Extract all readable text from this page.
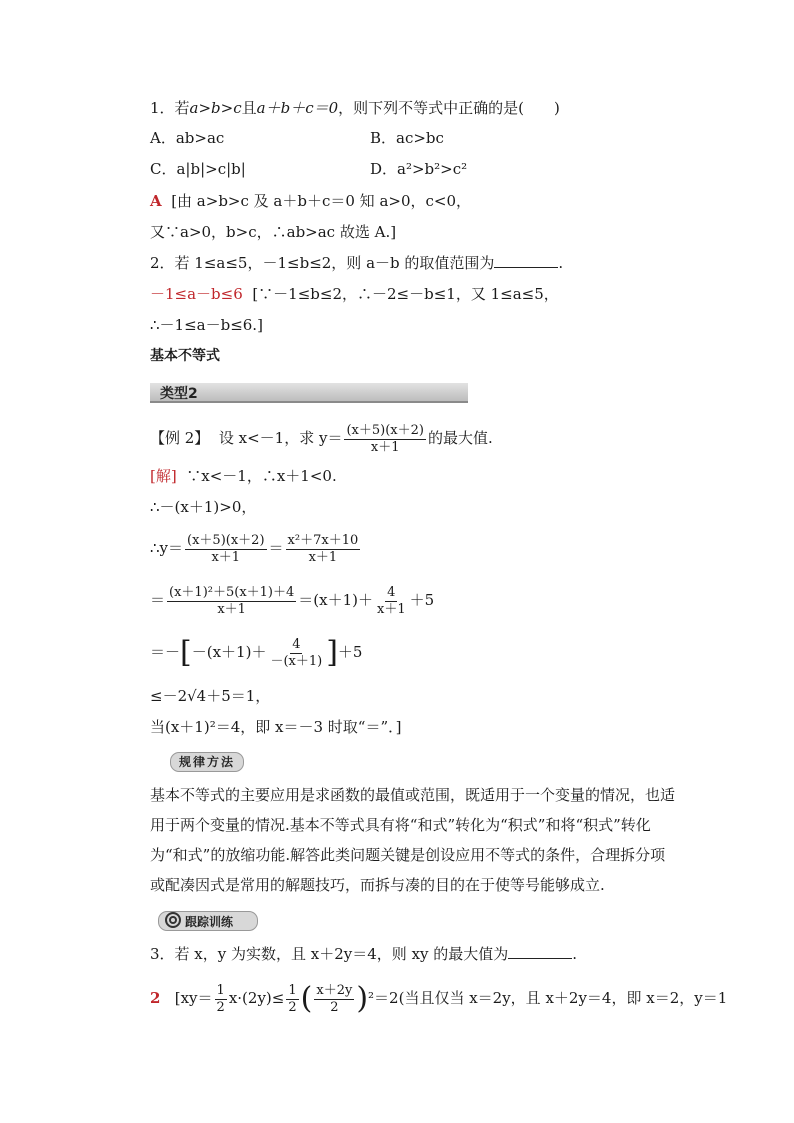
1．若a>b>c且a＋b＋c＝0，则下列不等式中正确的是(　　)
A．ab>ac	B．ac>bc
C．a|b|>c|b|	D．a²>b²>c²
A [由 a>b>c 及 a＋b＋c＝0 知 a>0，c<0，
又∵a>0，b>c，∴ab>ac 故选 A.]
2．若 1≤a≤5，－1≤b≤2，则 a－b 的取值范围为	.
－1≤a－b≤6 [∵－1≤b≤2，∴－2≤－b≤1，又 1≤a≤5，
∴－1≤a－b≤6.]
基本不等式
类型2
【例 2】 设 x<－1，求 $y= \frac{(x+5)(x+2)}{x+1}$ 的最大值.
[解] ∵x<－1，∴x＋1<0.
∴－(x＋1)>0，
∴y＝ $\frac{(x+5)(x+2)}{x+1} = \frac{\text{x²＋7x＋10}}{x+1}$
＝ $\frac{\text{(x＋1)²＋5(x＋1)＋4}}{x+1} =(x+1)+ \frac{4}{x+1} +5$
$=-[-(x+1)+ \frac{4}{-(x+1)} ]+5$
≤－2√4＋5＝1，
当(x＋1)²＝4，即 x＝－3 时取“＝”．]
规律方法
基本不等式的主要应用是求函数的最值或范围，既适用于一个变量的情况，也适用于两个变量的情况.基本不等式具有将“和式”转化为“积式”和将“积式”转化为“和式”的放缩功能.解答此类问题关键是创设应用不等式的条件，合理拆分项或配凑因式是常用的解题技巧，而拆与凑的目的在于使等号能够成立.
跟踪训练
3．若 x，y 为实数，且 x＋2y＝4，则 xy 的最大值为	.
2 [$xy= \frac{1}{2} x\cdot(2y)\le \frac{1}{2}$ ( $\frac{x+2y}{2} )^2=2$(当且仅当 x＝2y，且 x＋2y＝4，即 x＝2，y＝1
